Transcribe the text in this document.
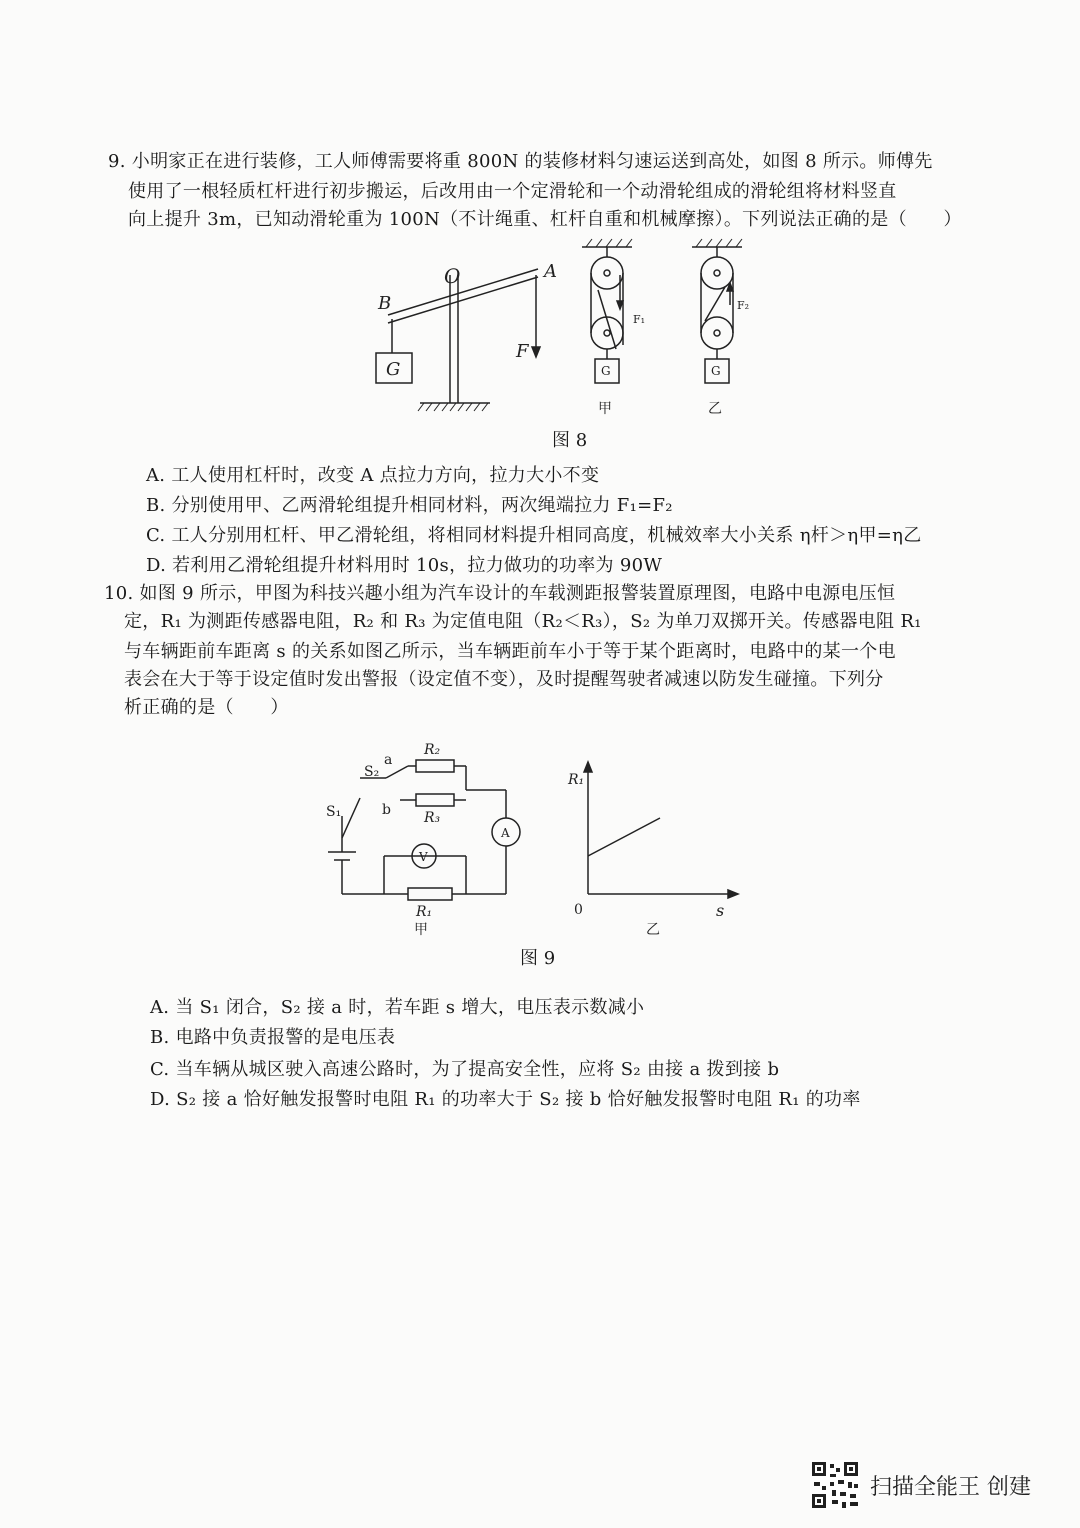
9. 小明家正在进行装修，工人师傅需要将重 800N 的装修材料匀速运送到高处，如图 8 所示。师傅先
使用了一根轻质杠杆进行初步搬运，后改用由一个定滑轮和一个动滑轮组成的滑轮组将材料竖直
向上提升 3m，已知动滑轮重为 100N（不计绳重、杠杆自重和机械摩擦）。下列说法正确的是（　　）
O	A
B
G
F
F₁
G
甲
F₂
G
乙
图 8
A. 工人使用杠杆时，改变 A 点拉力方向，拉力大小不变
B. 分别使用甲、乙两滑轮组提升相同材料，两次绳端拉力 F₁=F₂
C. 工人分别用杠杆、甲乙滑轮组，将相同材料提升相同高度，机械效率大小关系 η杆＞η甲=η乙
D. 若利用乙滑轮组提升材料用时 10s，拉力做功的功率为 90W
10. 如图 9 所示，甲图为科技兴趣小组为汽车设计的车载测距报警装置原理图，电路中电源电压恒
定，R₁ 为测距传感器电阻，R₂ 和 R₃ 为定值电阻（R₂＜R₃），S₂ 为单刀双掷开关。传感器电阻 R₁
与车辆距前车距离 s 的关系如图乙所示，当车辆距前车小于等于某个距离时，电路中的某一个电
表会在大于等于设定值时发出警报（设定值不变），及时提醒驾驶者减速以防发生碰撞。下列分
析正确的是（　　）
a
b
R₂
R₃
R₁
S₁
S₂
A
V
甲
R₁
s
0
乙
图 9
A. 当 S₁ 闭合，S₂ 接 a 时，若车距 s 增大，电压表示数减小
B. 电路中负责报警的是电压表
C. 当车辆从城区驶入高速公路时，为了提高安全性，应将 S₂ 由接 a 拨到接 b
D. S₂ 接 a 恰好触发报警时电阻 R₁ 的功率大于 S₂ 接 b 恰好触发报警时电阻 R₁ 的功率
扫描全能王 创建
